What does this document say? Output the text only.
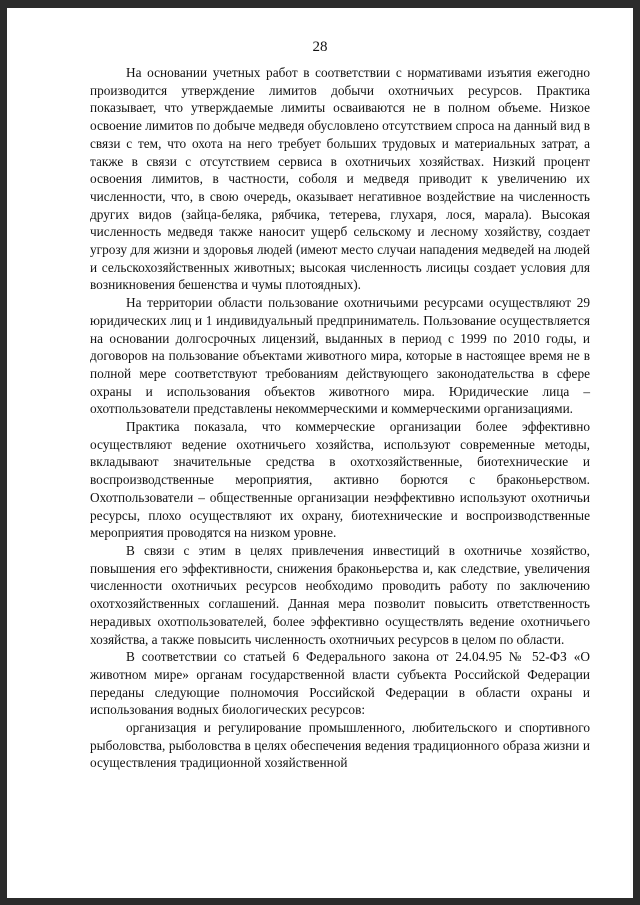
28

На основании учетных работ в соответствии с нормативами изъятия ежегодно производится утверждение лимитов добычи охотничьих ресурсов. Практика показывает, что утверждаемые лимиты осваиваются не в полном объеме. Низкое освоение лимитов по добыче медведя обусловлено отсутствием спроса на данный вид в связи с тем, что охота на него требует больших трудовых и материальных затрат, а также в связи с отсутствием сервиса в охотничьих хозяйствах. Низкий процент освоения лимитов, в частности, соболя и медведя приводит к увеличению их численности, что, в свою очередь, оказывает негативное воздействие на численность других видов (зайца-беляка, рябчика, тетерева, глухаря, лося, марала). Высокая численность медведя также наносит ущерб сельскому и лесному хозяйству, создает угрозу для жизни и здоровья людей (имеют место случаи нападения медведей на людей и сельскохозяйственных животных; высокая численность лисицы создает условия для возникновения бешенства и чумы плотоядных).

На территории области пользование охотничьими ресурсами осуществляют 29 юридических лиц и 1 индивидуальный предприниматель. Пользование осуществляется на основании долгосрочных лицензий, выданных в период с 1999 по 2010 годы, и договоров на пользование объектами животного мира, которые в настоящее время не в полной мере соответствуют требованиям действующего законодательства в сфере охраны и использования объектов животного мира. Юридические лица – охотпользователи представлены некоммерческими и коммерческими организациями.

Практика показала, что коммерческие организации более эффективно осуществляют ведение охотничьего хозяйства, используют современные методы, вкладывают значительные средства в охотхозяйственные, биотехнические и воспроизводственные мероприятия, активно борются с браконьерством. Охотпользователи – общественные организации неэффективно используют охотничьи ресурсы, плохо осуществляют их охрану, биотехнические и воспроизводственные мероприятия проводятся на низком уровне.

В связи с этим в целях привлечения инвестиций в охотничье хозяйство, повышения его эффективности, снижения браконьерства и, как следствие, увеличения численности охотничьих ресурсов необходимо проводить работу по заключению охотхозяйственных соглашений. Данная мера позволит повысить ответственность нерадивых охотпользователей, более эффективно осуществлять ведение охотничьего хозяйства, а также повысить численность охотничьих ресурсов в целом по области.

В соответствии со статьей 6 Федерального закона от 24.04.95 № 52-ФЗ «О животном мире» органам государственной власти субъекта Российской Федерации переданы следующие полномочия Российской Федерации в области охраны и использования водных биологических ресурсов:

организация и регулирование промышленного, любительского и спортивного рыболовства, рыболовства в целях обеспечения ведения традиционного образа жизни и осуществления традиционной хозяйственной
